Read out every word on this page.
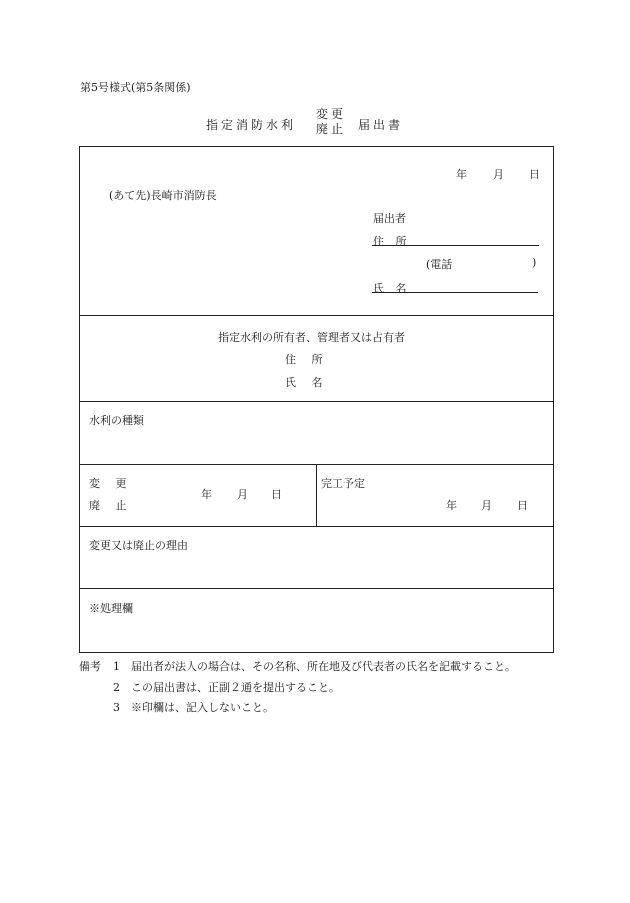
第5号様式(第5条関係)
指定消防水利
変更
廃止 届出書
年 月 日
(あて先)長崎市消防長
届出者
住 所
(電話	)
氏 名
指定水利の所有者、管理者又は占有者
住 所
氏 名
水利の種類
変 更
廃 止
年 月 日
完工予定
年 月 日
変更又は廃止の理由
※処理欄
備考 1 届出者が法人の場合は、その名称、所在地及び代表者の氏名を記載すること。
2 この届出書は、正副２通を提出すること。
3 ※印欄は、記入しないこと。
